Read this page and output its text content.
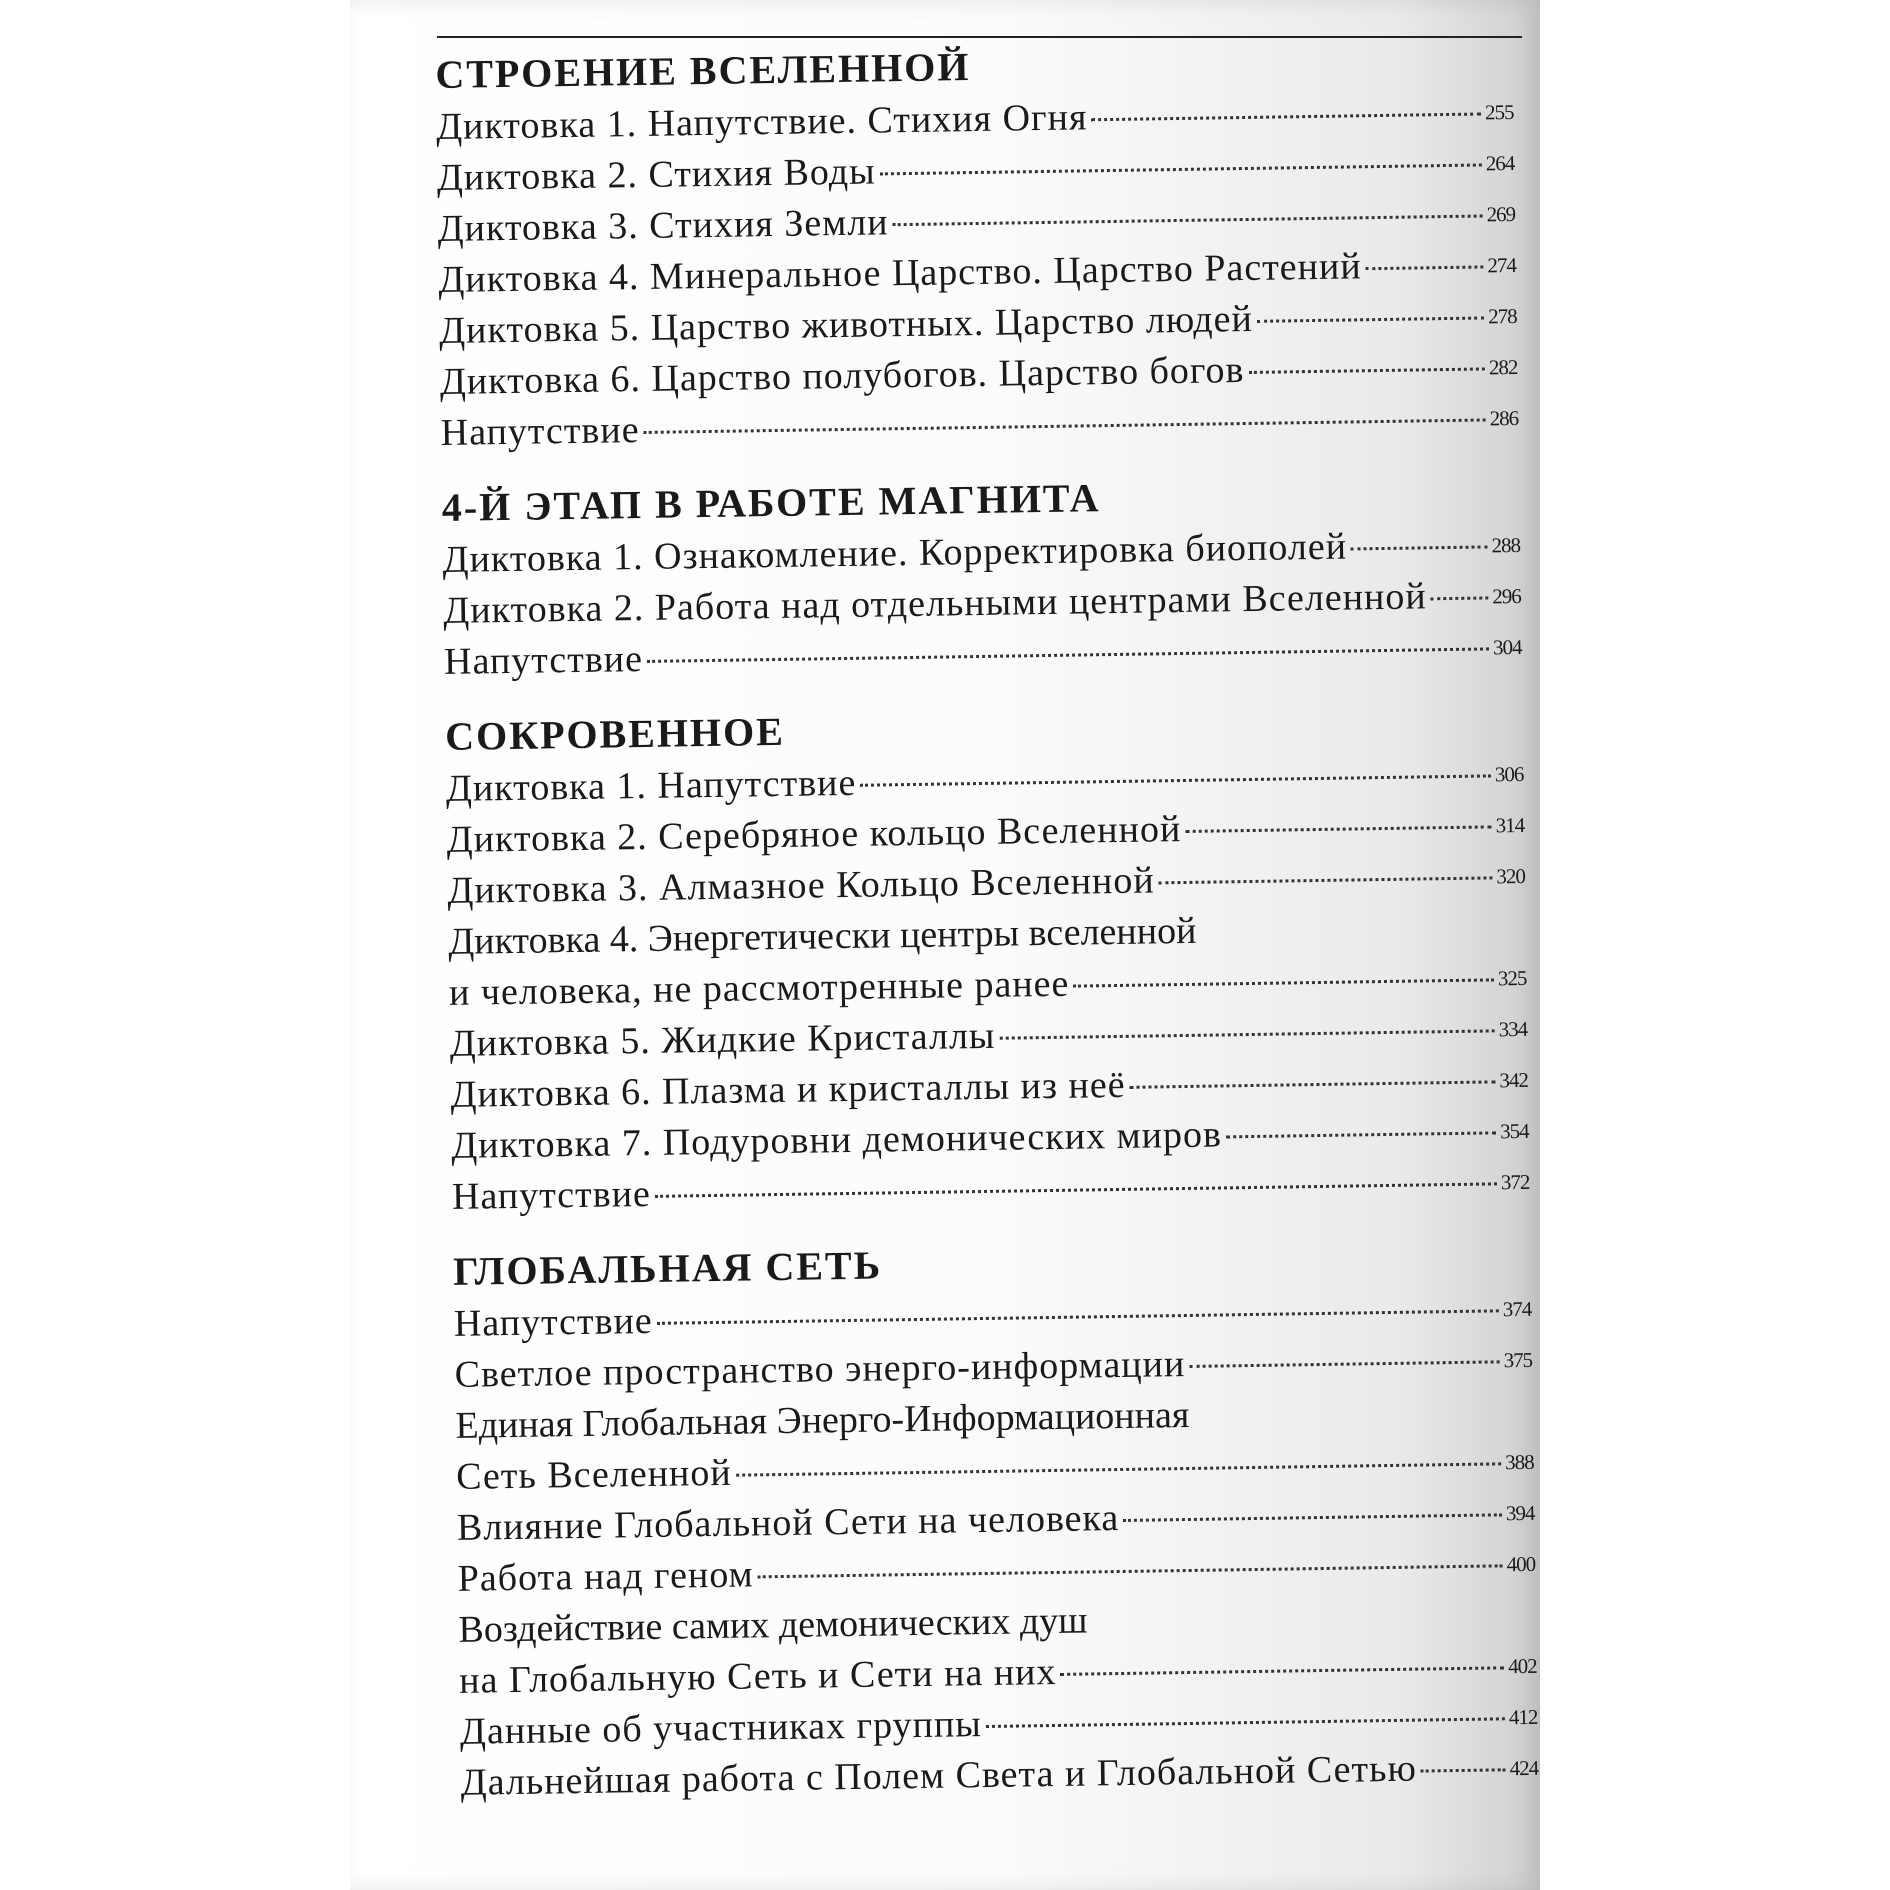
СТРОЕНИЕ ВСЕЛЕННОЙ
Диктовка 1. Напутствие. Стихия Огня	255
Диктовка 2. Стихия Воды	264
Диктовка 3. Стихия Земли	269
Диктовка 4. Минеральное Царство. Царство Растений	274
Диктовка 5. Царство животных. Царство людей	278
Диктовка 6. Царство полубогов. Царство богов	282
Напутствие	286
4-Й ЭТАП В РАБОТЕ МАГНИТА
Диктовка 1. Ознакомление. Корректировка биополей	288
Диктовка 2. Работа над отдельными центрами Вселенной	296
Напутствие	304
СОКРОВЕННОЕ
Диктовка 1. Напутствие	306
Диктовка 2. Серебряное кольцо Вселенной	314
Диктовка 3. Алмазное Кольцо Вселенной	320
Диктовка 4. Энергетически центры вселенной
и человека, не рассмотренные ранее	325
Диктовка 5. Жидкие Кристаллы	334
Диктовка 6. Плазма и кристаллы из неё	342
Диктовка 7. Подуровни демонических миров	354
Напутствие	372
ГЛОБАЛЬНАЯ СЕТЬ
Напутствие	374
Светлое пространство энерго-информации	375
Единая Глобальная Энерго-Информационная
Сеть Вселенной	388
Влияние Глобальной Сети на человека	394
Работа над геном	400
Воздействие самих демонических душ
на Глобальную Сеть и Сети на них	402
Данные об участниках группы	412
Дальнейшая работа с Полем Света и Глобальной Сетью	424
